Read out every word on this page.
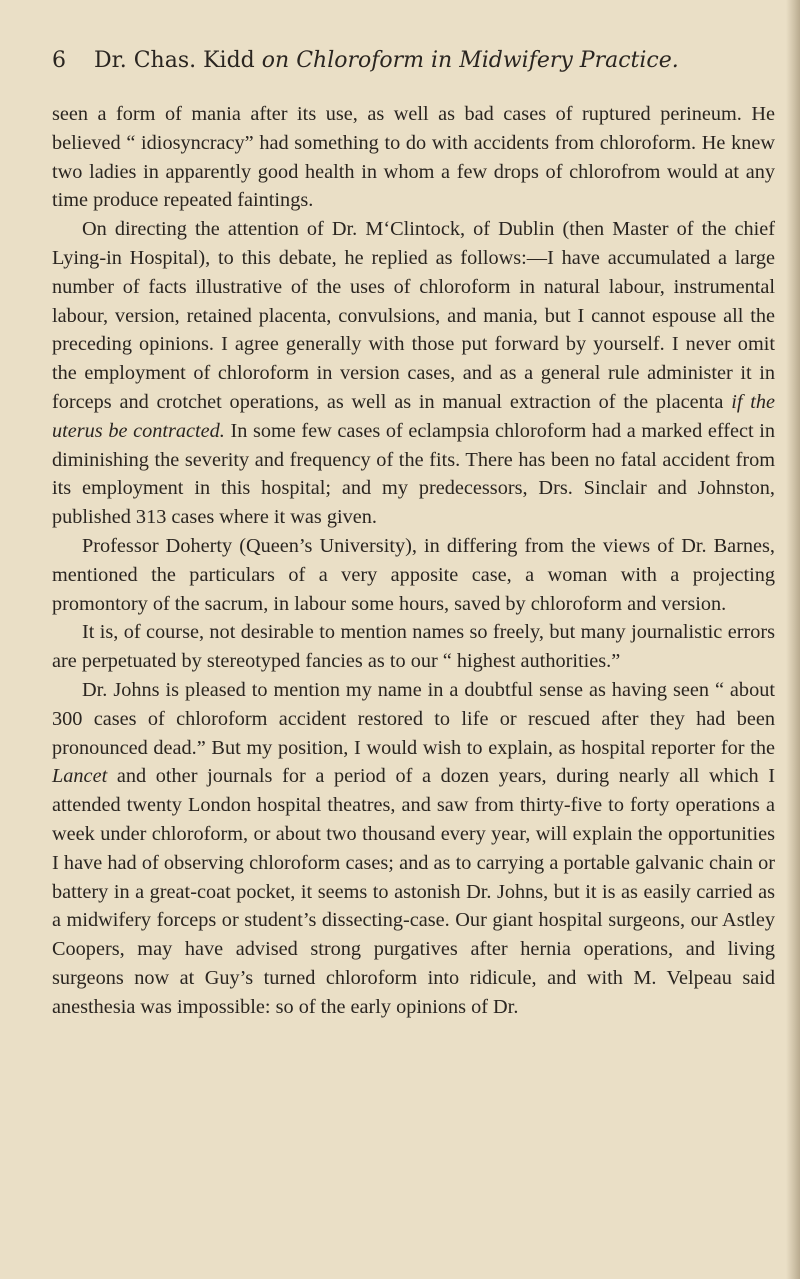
6 Dr. Chas. Kidd on Chloroform in Midwifery Practice.

seen a form of mania after its use, as well as bad cases of ruptured perineum. He believed “ idiosyncracy” had something to do with accidents from chloroform. He knew two ladies in apparently good health in whom a few drops of chlorofrom would at any time produce repeated faintings.

On directing the attention of Dr. M‘Clintock, of Dublin (then Master of the chief Lying-in Hospital), to this debate, he replied as follows:—I have accumulated a large number of facts illustrative of the uses of chloroform in natural labour, instrumental labour, version, retained placenta, convulsions, and mania, but I cannot espouse all the preceding opinions. I agree generally with those put forward by yourself. I never omit the employment of chloroform in version cases, and as a general rule administer it in forceps and crotchet operations, as well as in manual extraction of the placenta if the uterus be contracted. In some few cases of eclampsia chloroform had a marked effect in diminishing the severity and frequency of the fits. There has been no fatal accident from its employment in this hospital; and my predecessors, Drs. Sinclair and Johnston, published 313 cases where it was given.

Professor Doherty (Queen’s University), in differing from the views of Dr. Barnes, mentioned the particulars of a very apposite case, a woman with a projecting promontory of the sacrum, in labour some hours, saved by chloroform and version.

It is, of course, not desirable to mention names so freely, but many journalistic errors are perpetuated by stereotyped fancies as to our “ highest authorities.”

Dr. Johns is pleased to mention my name in a doubtful sense as having seen “ about 300 cases of chloroform accident restored to life or rescued after they had been pronounced dead.” But my position, I would wish to explain, as hospital reporter for the Lancet and other journals for a period of a dozen years, during nearly all which I attended twenty London hospital theatres, and saw from thirty-five to forty operations a week under chloroform, or about two thousand every year, will explain the opportunities I have had of observing chloroform cases; and as to carrying a portable galvanic chain or battery in a great-coat pocket, it seems to astonish Dr. Johns, but it is as easily carried as a midwifery forceps or student’s dissecting-case. Our giant hospital surgeons, our Astley Coopers, may have advised strong purgatives after hernia operations, and living surgeons now at Guy’s turned chloroform into ridicule, and with M. Velpeau said anesthesia was impossible: so of the early opinions of Dr.
